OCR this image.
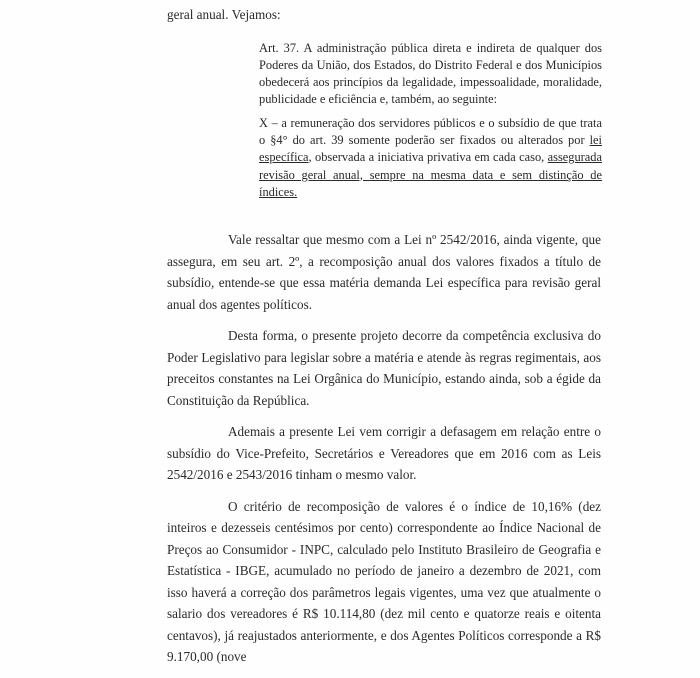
geral anual. Vejamos:

Art. 37. A administração pública direta e indireta de qualquer dos Poderes da União, dos Estados, do Distrito Federal e dos Municípios obedecerá aos princípios da legalidade, impessoalidade, moralidade, publicidade e eficiência e, também, ao seguinte:

X – a remuneração dos servidores públicos e o subsídio de que trata o §4° do art. 39 somente poderão ser fixados ou alterados por lei específica, observada a iniciativa privativa em cada caso, assegurada revisão geral anual, sempre na mesma data e sem distinção de índices.

Vale ressaltar que mesmo com a Lei nº 2542/2016, ainda vigente, que assegura, em seu art. 2º, a recomposição anual dos valores fixados a título de subsídio, entende-se que essa matéria demanda Lei específica para revisão geral anual dos agentes políticos.

Desta forma, o presente projeto decorre da competência exclusiva do Poder Legislativo para legislar sobre a matéria e atende às regras regimentais, aos preceitos constantes na Lei Orgânica do Município, estando ainda, sob a égide da Constituição da República.

Ademais a presente Lei vem corrigir a defasagem em relação entre o subsídio do Vice-Prefeito, Secretários e Vereadores que em 2016 com as Leis 2542/2016 e 2543/2016 tinham o mesmo valor.

O critério de recomposição de valores é o índice de 10,16% (dez inteiros e dezesseis centésimos por cento) correspondente ao Índice Nacional de Preços ao Consumidor - INPC, calculado pelo Instituto Brasileiro de Geografia e Estatística - IBGE, acumulado no período de janeiro a dezembro de 2021, com isso haverá a correção dos parâmetros legais vigentes, uma vez que atualmente o salario dos vereadores é R$ 10.114,80 (dez mil cento e quatorze reais e oitenta centavos), já reajustados anteriormente, e dos Agentes Políticos corresponde a R$ 9.170,00 (nove
